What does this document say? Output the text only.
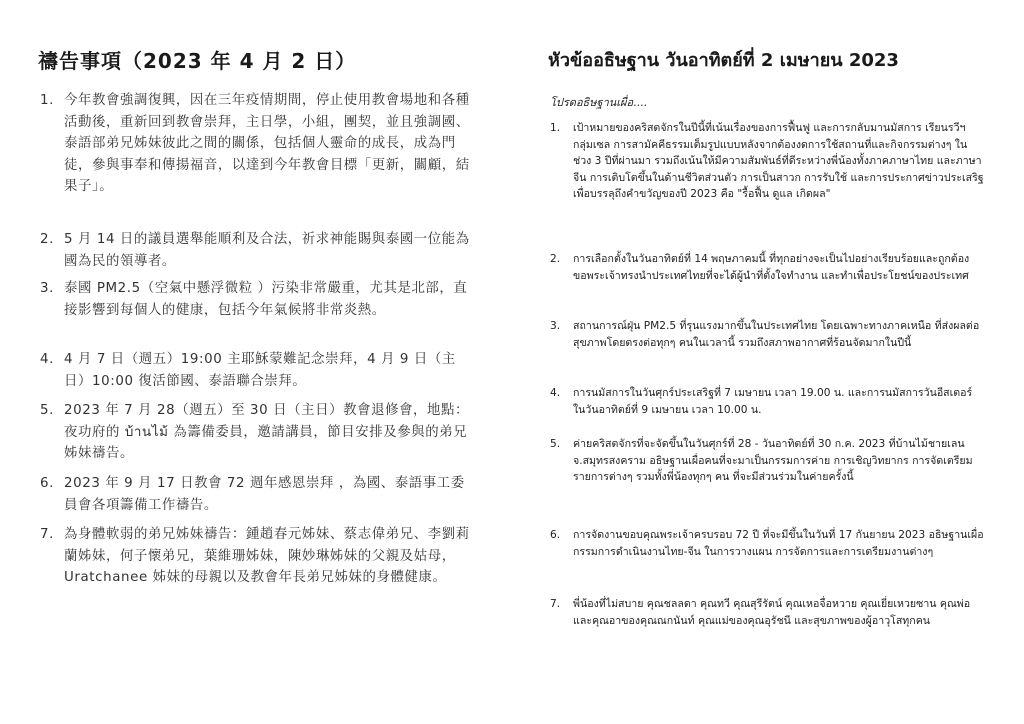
禱告事項（2023 年 4 月 2 日）
1. 今年教會強調復興，因在三年疫情期間，停止使用教會場地和各種活動後，重新回到教會崇拜，主日學，小組，團契，並且強調國、泰語部弟兄姊妹彼此之間的關係，包括個人靈命的成長，成為門徒，參與事奉和傳揚福音，以達到今年教會目標「更新，關顧，結果子」。
2. 5 月 14 日的議員選舉能順利及合法，祈求神能賜與泰國一位能為國為民的領導者。
3. 泰國 PM2.5（空氣中懸浮微粒 ）污染非常嚴重，尤其是北部，直接影響到每個人的健康，包括今年氣候將非常炎熱。
4. 4 月 7 日（週五）19:00 主耶穌蒙難記念崇拜，4 月 9 日（主日）10:00 復活節國、泰語聯合崇拜。
5. 2023 年 7 月 28（週五）至 30 日（主日）教會退修會，地點：夜功府的 บ้านไม้ 為籌備委員，邀請講員，節目安排及參與的弟兄姊妹禱告。
6. 2023 年 9 月 17 日教會 72 週年感恩崇拜 ，為國、泰語事工委員會各項籌備工作禱告。
7. 為身體軟弱的弟兄姊妹禱告：鍾趙春元姊妹、蔡志偉弟兄、李劉莉蘭姊妹，何子懷弟兄，葉維珊姊妹，陳妙琳姊妹的父親及姑母，Uratchanee 姊妹的母親以及教會年長弟兄姊妹的身體健康。
หัวข้ออธิษฐาน วันอาทิตย์ที่ 2 เมษายน 2023

โปรดอธิษฐานเผื่อ....

1.	เป้าหมายของคริสตจักรในปีนี้ที่เน้นเรื่องของการฟื้นฟู และการกลับมานมัสการ เรียนรวีฯ กลุ่มเซล การสามัคคีธรรมเต็มรูปแบบหลังจากต้องงดการใช้สถานที่และกิจกรรมต่างๆ ในช่วง 3 ปีที่ผ่านมา รวมถึงเน้นให้มีความสัมพันธ์ที่ดีระหว่างพี่น้องทั้งภาคภาษาไทย และภาษาจีน การเติบโตขึ้นในด้านชีวิตส่วนตัว การเป็นสาวก การรับใช้ และการประกาศข่าวประเสริฐ เพื่อบรรลุถึงคำขวัญของปี 2023 คือ "รื้อฟื้น ดูแล เกิดผล"
2.	การเลือกตั้งในวันอาทิตย์ที่ 14 พฤษภาคมนี้ ที่ทุกอย่างจะเป็นไปอย่างเรียบร้อยและถูกต้อง ขอพระเจ้าทรงนำประเทศไทยที่จะได้ผู้นำที่ตั้งใจทำงาน และทำเพื่อประโยชน์ของประเทศ
3.	สถานการณ์ฝุ่น PM2.5 ที่รุนแรงมากขึ้นในประเทศไทย โดยเฉพาะทางภาคเหนือ ที่ส่งผลต่อสุขภาพโดยตรงต่อทุกๆ คนในเวลานี้ รวมถึงสภาพอากาศที่ร้อนจัดมากในปีนี้
4.	การนมัสการในวันศุกร์ประเสริฐที่ 7 เมษายน เวลา 19.00 น. และการนมัสการวันอีสเตอร์ในวันอาทิตย์ที่ 9 เมษายน เวลา 10.00 น.
5.	ค่ายคริสตจักรที่จะจัดขึ้นในวันศุกร์ที่ 28 - วันอาทิตย์ที่ 30 ก.ค. 2023 ที่บ้านไม้ชายเลน จ.สมุทรสงคราม อธิษฐานเผื่อคนที่จะมาเป็นกรรมการค่าย การเชิญวิทยากร การจัดเตรียมรายการต่างๆ รวมทั้งพี่น้องทุกๆ คน ที่จะมีส่วนร่วมในค่ายครั้งนี้
6.	การจัดงานขอบคุณพระเจ้าครบรอบ 72 ปี ที่จะมีขึ้นในวันที่ 17 กันยายน 2023 อธิษฐานเผื่อกรรมการดำเนินงานไทย-จีน ในการวางแผน การจัดการและการเตรียมงานต่างๆ
7.	พี่น้องที่ไม่สบาย คุณชลลดา คุณทวี คุณสุรีรัตน์ คุณเหอจื่อหวาย คุณเยี่ยเหวยซาน คุณพ่อและคุณอาของคุณณกนันท์ คุณแม่ของคุณอุรัชนี และสุขภาพของผู้อาวุโสทุกคน
